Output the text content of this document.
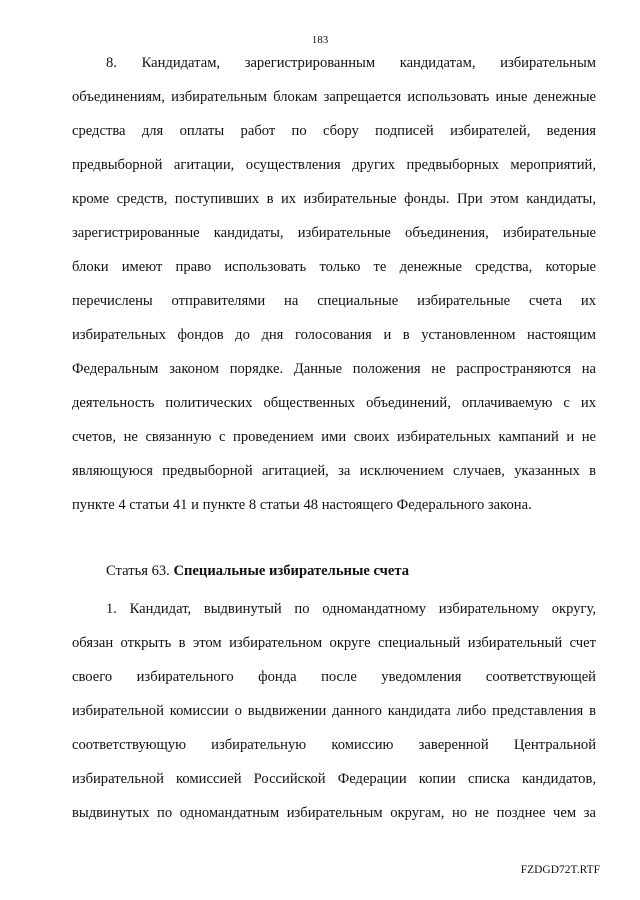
183
8. Кандидатам, зарегистрированным кандидатам, избирательным
объединениям, избирательным блокам запрещается использовать иные денежные
средства для оплаты работ по сбору подписей избирателей, ведения
предвыборной агитации, осуществления других предвыборных мероприятий,
кроме средств, поступивших в их избирательные фонды. При этом кандидаты,
зарегистрированные кандидаты, избирательные объединения, избирательные
блоки имеют право использовать только те денежные средства, которые
перечислены отправителями на специальные избирательные счета их
избирательных фондов до дня голосования и в установленном настоящим
Федеральным законом порядке. Данные положения не распространяются на
деятельность политических общественных объединений, оплачиваемую с их
счетов, не связанную с проведением ими своих избирательных кампаний и не
являющуюся предвыборной агитацией, за исключением случаев, указанных в
пункте 4 статьи 41 и пункте 8 статьи 48 настоящего Федерального закона.
Статья 63. Специальные избирательные счета
1. Кандидат, выдвинутый по одномандатному избирательному округу,
обязан открыть в этом избирательном округе специальный избирательный счет
своего избирательного фонда после уведомления соответствующей
избирательной комиссии о выдвижении данного кандидата либо представления в
соответствующую избирательную комиссию заверенной Центральной
избирательной комиссией Российской Федерации копии списка кандидатов,
выдвинутых по одномандатным избирательным округам, но не позднее чем за
FZDGD72T.RTF
